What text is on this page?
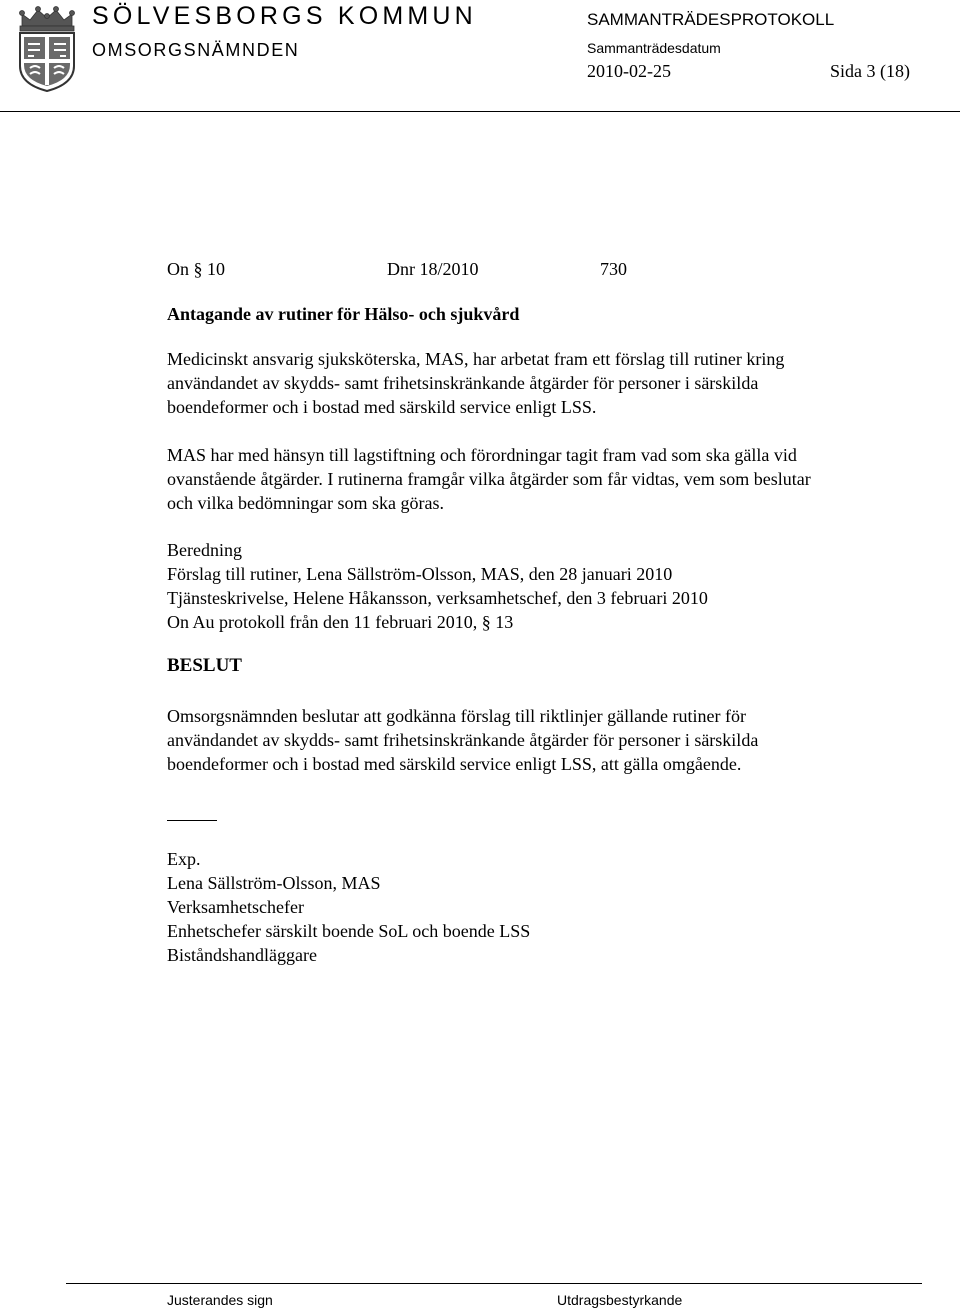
SÖLVESBORGS KOMMUN
OMSORGSNÄMNDEN
SAMMANTRÄDESPROTOKOLL
Sammanträdesdatum
2010-02-25	Sida 3 (18)
On § 10	Dnr 18/2010	730
Antagande av rutiner för Hälso- och sjukvård
Medicinskt ansvarig sjuksköterska, MAS, har arbetat fram ett förslag till rutiner kring
användandet av skydds- samt frihetsinskränkande åtgärder för personer i särskilda
boendeformer och i bostad med särskild service enligt LSS.
MAS har med hänsyn till lagstiftning och förordningar tagit fram vad som ska gälla vid
ovanstående åtgärder. I rutinerna framgår vilka åtgärder som får vidtas, vem som beslutar
och vilka bedömningar som ska göras.
Beredning
Förslag till rutiner, Lena Sällström-Olsson, MAS, den 28 januari 2010
Tjänsteskrivelse, Helene Håkansson, verksamhetschef, den 3 februari 2010
On Au protokoll från den 11 februari 2010, § 13
BESLUT
Omsorgsnämnden beslutar att godkänna förslag till riktlinjer gällande rutiner för
användandet av skydds- samt frihetsinskränkande åtgärder för personer i särskilda
boendeformer och i bostad med särskild service enligt LSS, att gälla omgående.
Exp.
Lena Sällström-Olsson, MAS
Verksamhetschefer
Enhetschefer särskilt boende SoL och boende LSS
Biståndshandläggare
Justerandes sign	Utdragsbestyrkande
